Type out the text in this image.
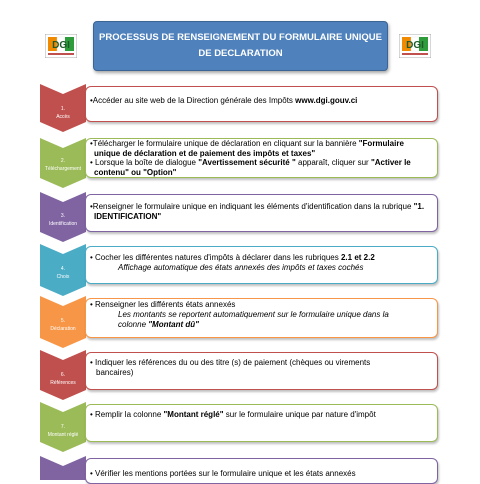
DGI
PROCESSUS DE RENSEIGNEMENT DU FORMULAIRE UNIQUE
DE DECLARATION
DGI
1.
Accès
•Accéder au site web de la Direction générale des Impôts www.dgi.gouv.ci
2.
Téléchargement
•Télécharger le formulaire unique de déclaration en cliquant sur la bannière "Formulaire
unique de déclaration et de paiement des impôts et taxes"
• Lorsque la boîte de dialogue "Avertissement sécurité " apparaît, cliquer sur "Activer le
contenu" ou "Option"
3.
Identification
•Renseigner le formulaire unique en indiquant les éléments d'identification dans la rubrique "1.
IDENTIFICATION"
4.
Choix
• Cocher les différentes natures d'impôts à déclarer dans les rubriques 2.1 et 2.2
Affichage automatique des états annexés des impôts et taxes cochés
5.
Déclaration
• Renseigner les différents états annexés
Les montants se reportent automatiquement sur le formulaire unique dans la
colonne "Montant dû"
6.
Références
• Indiquer les références du ou des titre (s) de paiement (chèques ou virements
bancaires)
7.
Montant réglé
• Remplir la colonne "Montant réglé" sur le formulaire unique par nature d'impôt
• Vérifier les mentions portées sur le formulaire unique et les états annexés
